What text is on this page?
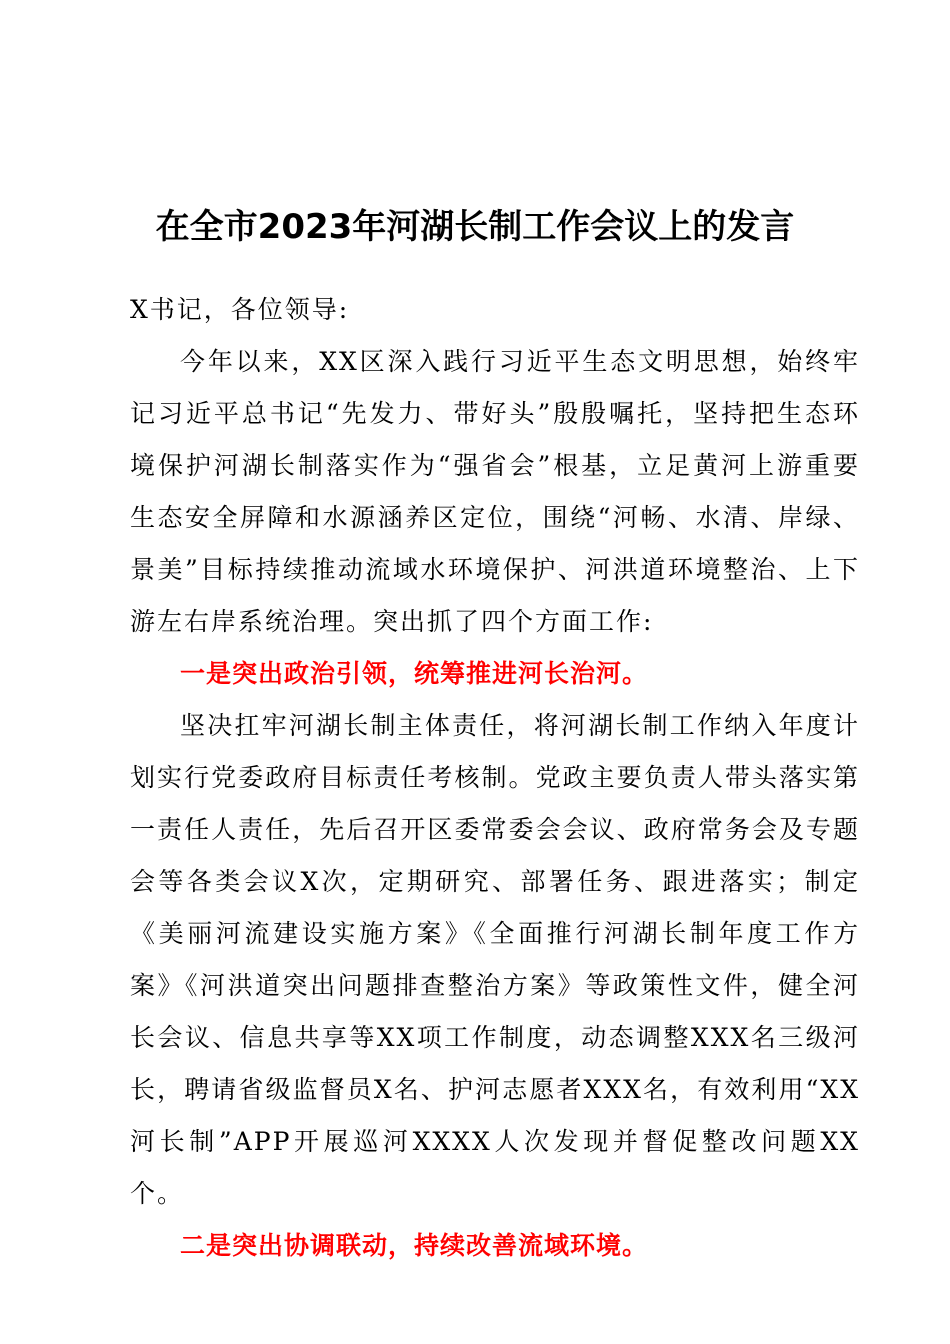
在全市2023年河湖长制工作会议上的发言

X书记，各位领导:

今年以来，XX区深入践行习近平生态文明思想，始终牢记习近平总书记“先发力、带好头”殷殷嘱托，坚持把生态环境保护河湖长制落实作为“强省会”根基，立足黄河上游重要生态安全屏障和水源涵养区定位，围绕“河畅、水清、岸绿、景美”目标持续推动流域水环境保护、河洪道环境整治、上下游左右岸系统治理。突出抓了四个方面工作:

一是突出政治引领，统筹推进河长治河。

坚决扛牢河湖长制主体责任，将河湖长制工作纳入年度计划实行党委政府目标责任考核制。党政主要负责人带头落实第一责任人责任，先后召开区委常委会会议、政府常务会及专题会等各类会议X次，定期研究、部署任务、跟进落实；制定《美丽河流建设实施方案》《全面推行河湖长制年度工作方案》《河洪道突出问题排查整治方案》等政策性文件，健全河长会议、信息共享等XX项工作制度，动态调整XXX名三级河长，聘请省级监督员X名、护河志愿者XXX名，有效利用“XX河长制”APP开展巡河XXXX人次发现并督促整改问题XX个。

二是突出协调联动，持续改善流域环境。
